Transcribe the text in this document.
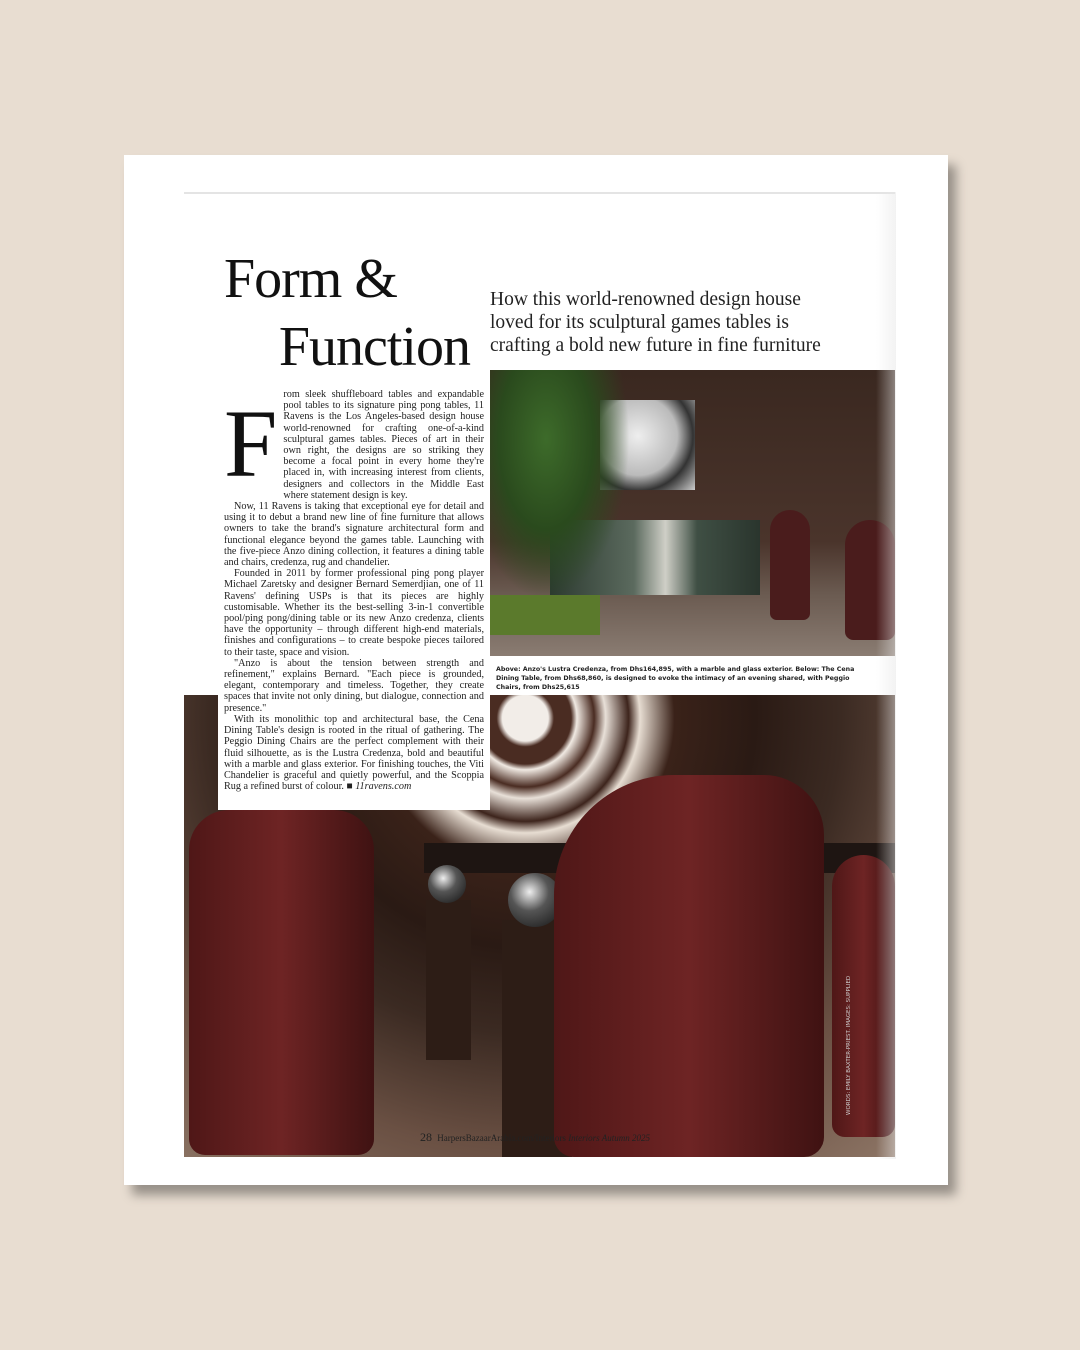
Form &
Function
How this world-renowned design house loved for its sculptural games tables is crafting a bold new future in fine furniture
Above: Anzo's Lustra Credenza, from Dhs164,895, with a marble and glass exterior. Below: The Cena Dining Table, from Dhs68,860, is designed to evoke the intimacy of an evening shared, with Peggio Chairs, from Dhs25,615

From sleek shuffleboard tables and expandable pool tables to its signature ping pong tables, 11 Ravens is the Los Angeles-based design house world-renowned for crafting one-of-a-kind sculptural games tables. Pieces of art in their own right, the designs are so striking they become a focal point in every home they're placed in, with increasing interest from clients, designers and collectors in the Middle East where statement design is key.

Now, 11 Ravens is taking that exceptional eye for detail and using it to debut a brand new line of fine furniture that allows owners to take the brand's signature architectural form and functional elegance beyond the games table. Launching with the five-piece Anzo dining collection, it features a dining table and chairs, credenza, rug and chandelier.

Founded in 2011 by former professional ping pong player Michael Zaretsky and designer Bernard Semerdjian, one of 11 Ravens' defining USPs is that its pieces are highly customisable. Whether its the best-selling 3-in-1 convertible pool/ping pong/dining table or its new Anzo credenza, clients have the opportunity – through different high-end materials, finishes and configurations – to create bespoke pieces tailored to their taste, space and vision.

"Anzo is about the tension between strength and refinement," explains Bernard. "Each piece is grounded, elegant, contemporary and timeless. Together, they create spaces that invite not only dining, but dialogue, connection and presence."

With its monolithic top and architectural base, the Cena Dining Table's design is rooted in the ritual of gathering. The Peggio Dining Chairs are the perfect complement with their fluid silhouette, as is the Lustra Credenza, bold and beautiful with a marble and glass exterior. For finishing touches, the Viti Chandelier is graceful and quietly powerful, and the Scoppia Rug a refined burst of colour. ■ 11ravens.com

28 HarpersBazaarArabia.com/Interiors Interiors Autumn 2025
WORDS: EMILY BAXTER-PRIEST. IMAGES: SUPPLIED
